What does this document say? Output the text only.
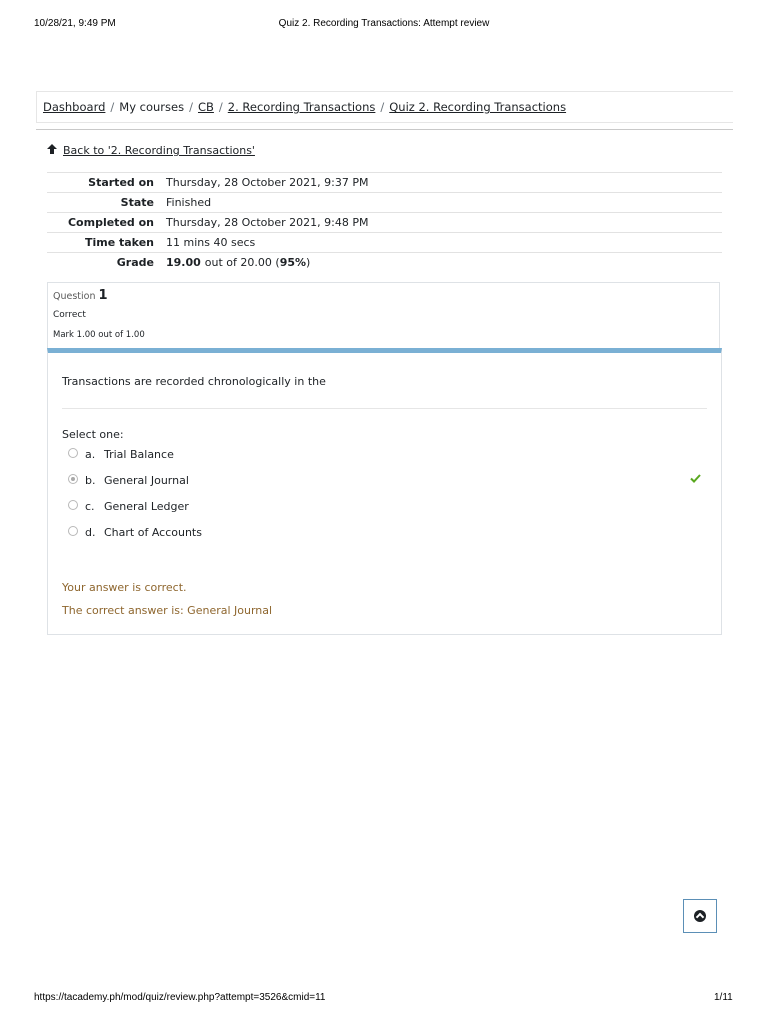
10/28/21, 9:49 PM	Quiz 2. Recording Transactions: Attempt review
Dashboard / My courses / CB / 2. Recording Transactions / Quiz 2. Recording Transactions
Back to '2. Recording Transactions'
Started on	Thursday, 28 October 2021, 9:37 PM
State	Finished
Completed on	Thursday, 28 October 2021, 9:48 PM
Time taken	11 mins 40 secs
Grade	19.00 out of 20.00 (95%)
Question 1
Correct
Mark 1.00 out of 1.00
Transactions are recorded chronologically in the
Select one:
a. Trial Balance
b. General Journal
c. General Ledger
d. Chart of Accounts
Your answer is correct.
The correct answer is: General Journal
https://tacademy.ph/mod/quiz/review.php?attempt=3526&cmid=11	1/11
